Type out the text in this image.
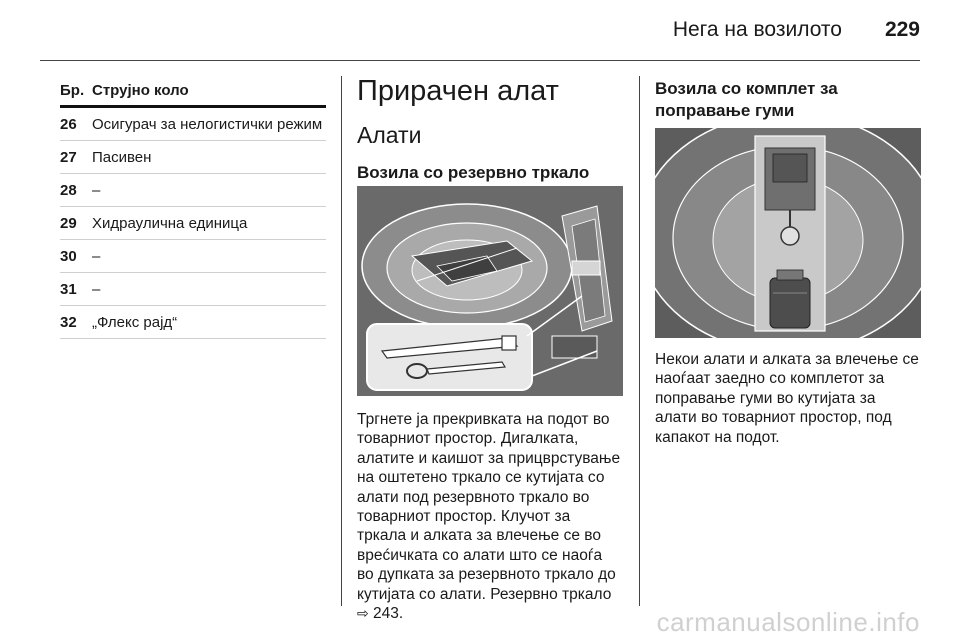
Нега на возилото 229
Бр. Струјно коло
26	Осигурач за нелогистички режим
27	Пасивен
28	–
29	Хидраулична единица
30	–
31	–
32	„Флекс рајд“
Прирачен алат
Алати
Возила со резервно тркало
Тргнете ја прекривката на подот во товарниот простор. Дигалката, алатите и каишот за прицврстување на оштетено тркало се кутијата со алати под резервното тркало во товарниот простор. Клучот за тркала и алката за влечење се во врećичката со алати што се наоѓа во дупката за резервното тркало до кутијата со алати. Резервно тркало ⇨ 243.
Возила со комплет за поправање гуми
Некои алати и алката за влечење се наоѓаат заедно со комплетот за поправање гуми во кутијата за алати во товарниот простор, под капакот на подот.
carmanualsonline.info
